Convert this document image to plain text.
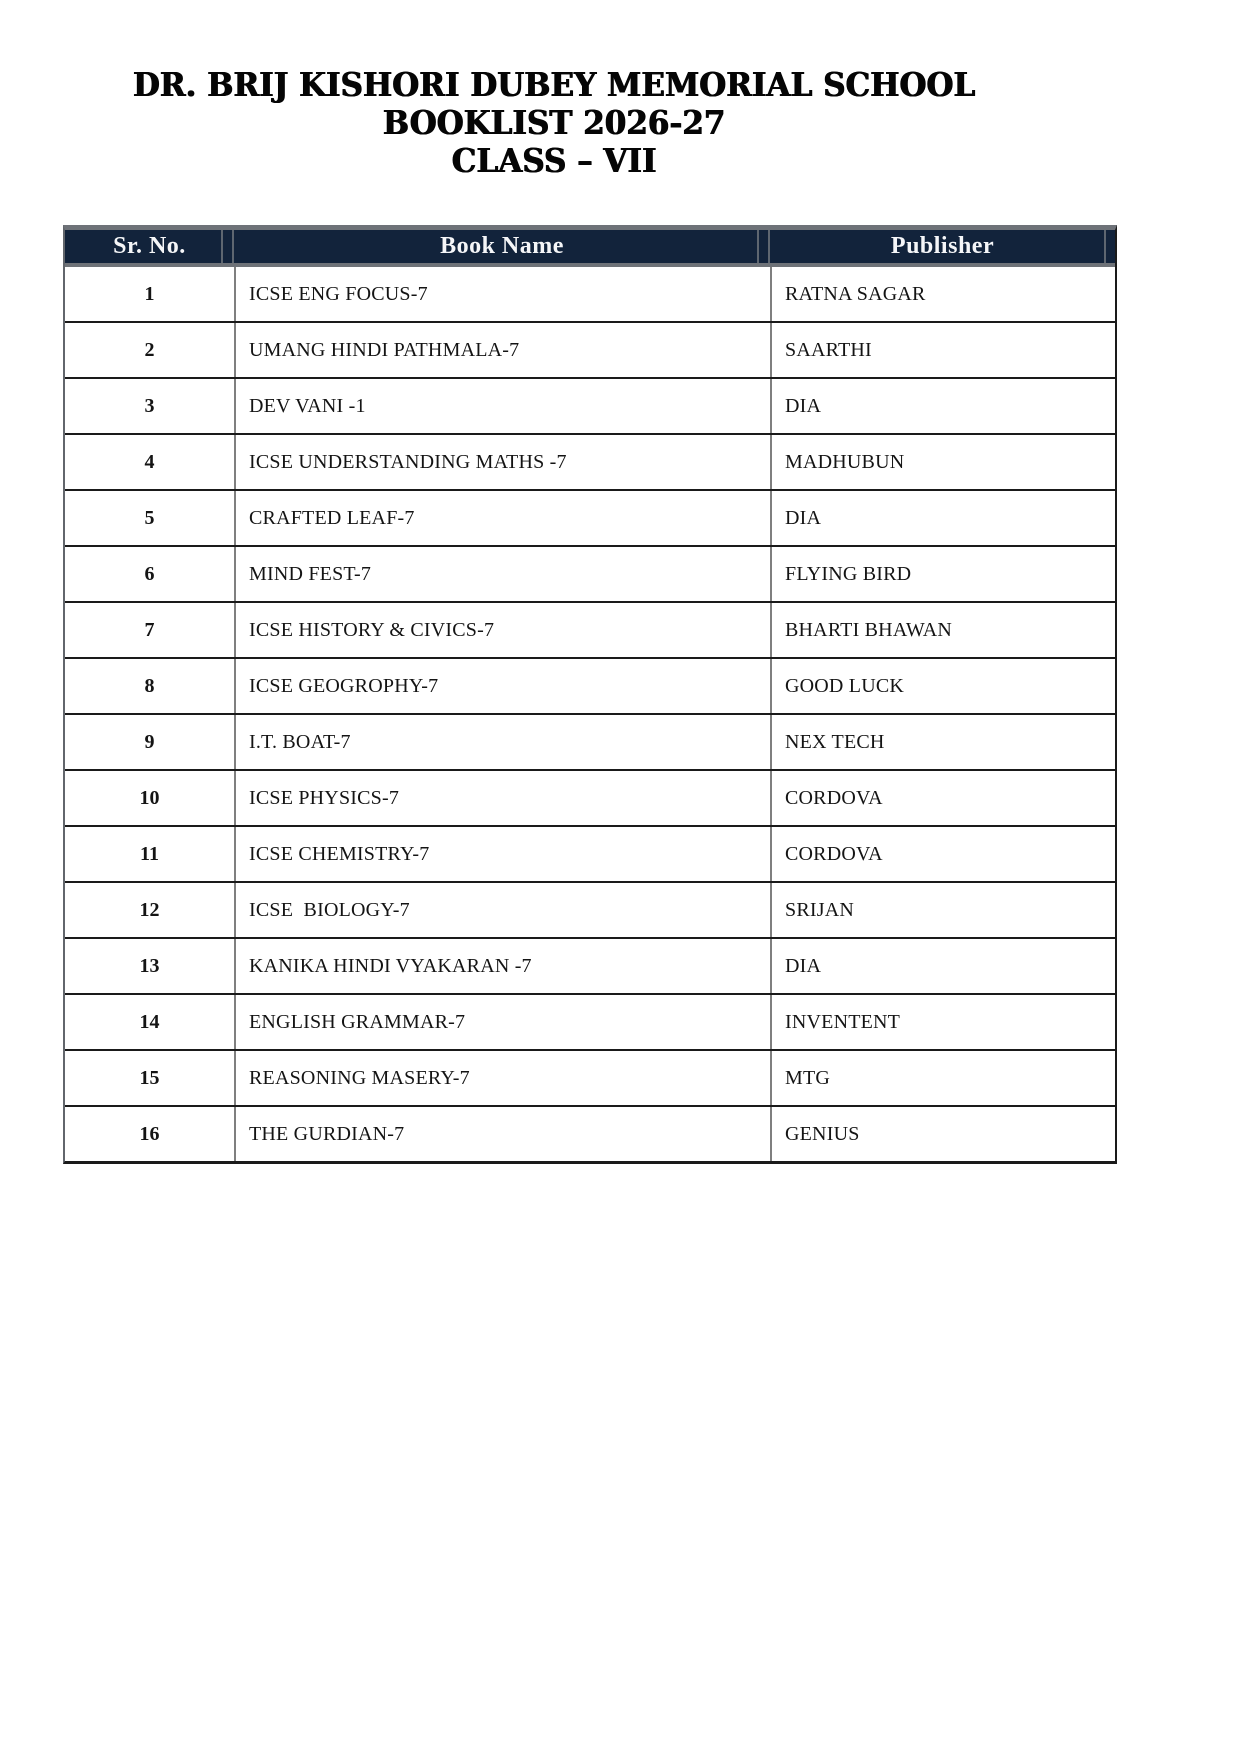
DR. BRIJ KISHORI DUBEY MEMORIAL SCHOOL
BOOKLIST 2026-27
CLASS – VII
Sr. No.	Book Name	Publisher
1	ICSE ENG FOCUS-7	RATNA SAGAR
2	UMANG HINDI PATHMALA-7	SAARTHI
3	DEV VANI -1	DIA
4	ICSE UNDERSTANDING MATHS -7	MADHUBUN
5	CRAFTED LEAF-7	DIA
6	MIND FEST-7	FLYING BIRD
7	ICSE HISTORY & CIVICS-7	BHARTI BHAWAN
8	ICSE GEOGROPHY-7	GOOD LUCK
9	I.T. BOAT-7	NEX TECH
10	ICSE PHYSICS-7	CORDOVA
11	ICSE CHEMISTRY-7	CORDOVA
12	ICSE  BIOLOGY-7	SRIJAN
13	KANIKA HINDI VYAKARAN -7	DIA
14	ENGLISH GRAMMAR-7	INVENTENT
15	REASONING MASERY-7	MTG
16	THE GURDIAN-7	GENIUS
